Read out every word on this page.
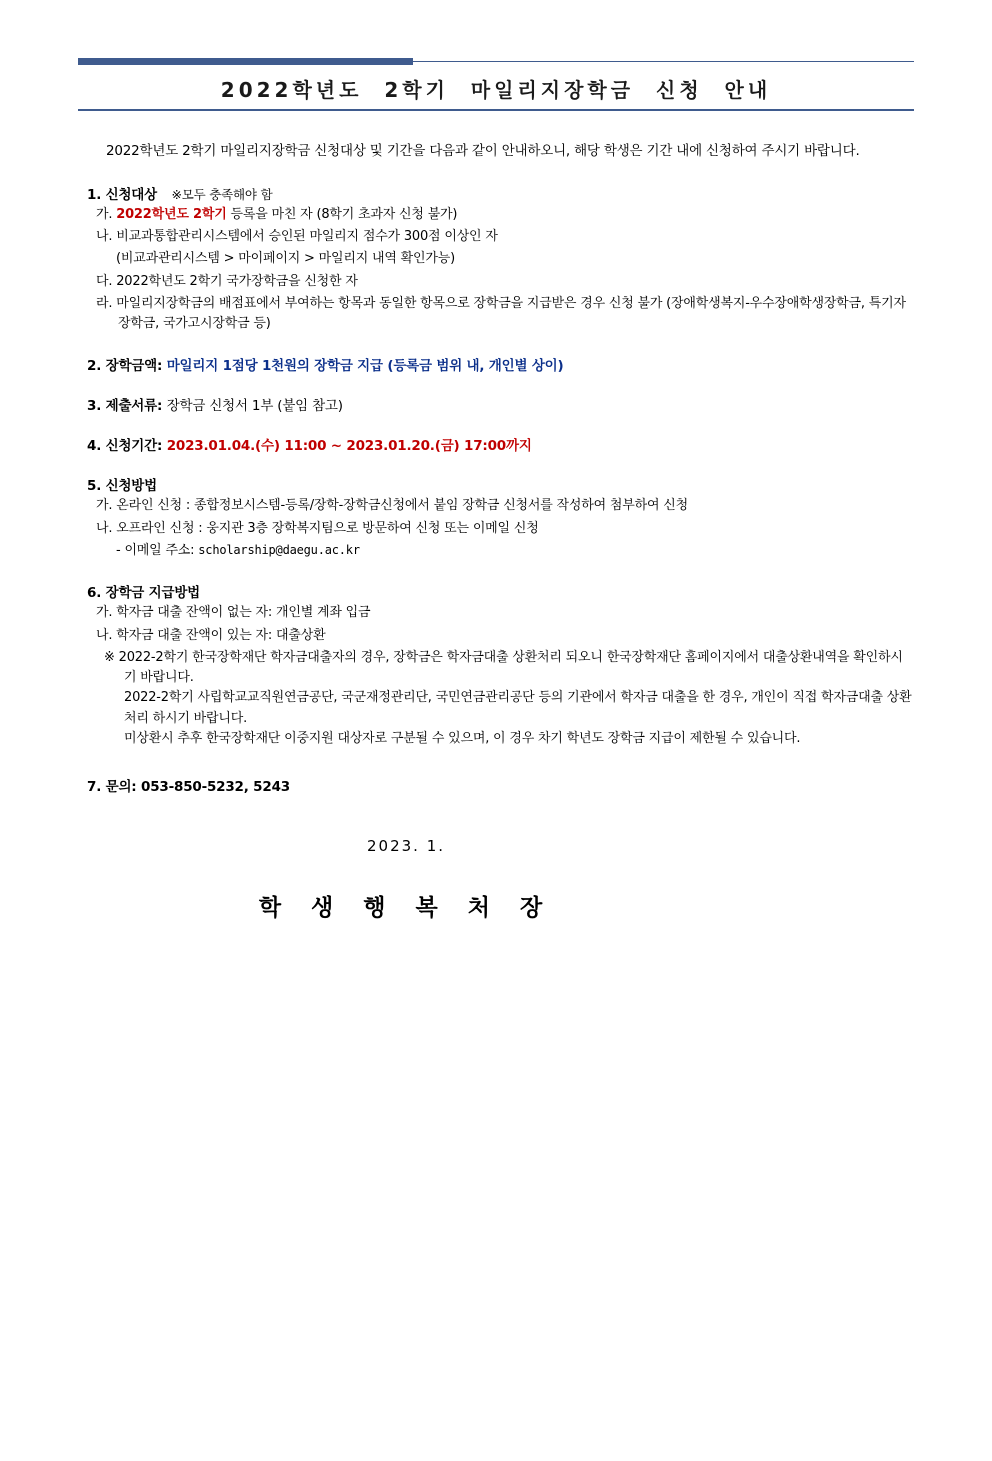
2022학년도  2학기  마일리지장학금  신청  안내

2022학년도 2학기 마일리지장학금 신청대상 및 기간을 다음과 같이 안내하오니, 해당 학생은 기간 내에 신청하여 주시기 바랍니다.

1. 신청대상 ※모두 충족해야 함
가. 2022학년도 2학기 등록을 마친 자 (8학기 초과자 신청 불가)
나. 비교과통합관리시스템에서 승인된 마일리지 점수가 300점 이상인 자
(비교과관리시스템 > 마이페이지 > 마일리지 내역 확인가능)
다. 2022학년도 2학기 국가장학금을 신청한 자
라. 마일리지장학금의 배점표에서 부여하는 항목과 동일한 항목으로 장학금을 지급받은 경우 신청 불가 (장애학생복지-우수장애학생장학금, 특기자장학금, 국가고시장학금 등)
2. 장학금액: 마일리지 1점당 1천원의 장학금 지급 (등록금 범위 내, 개인별 상이)
3. 제출서류: 장학금 신청서 1부 (붙임 참고)
4. 신청기간: 2023.01.04.(수) 11:00 ~ 2023.01.20.(금) 17:00까지
5. 신청방법
가. 온라인 신청 : 종합정보시스템-등록/장학-장학금신청에서 붙임 장학금 신청서를 작성하여 첨부하여 신청
나. 오프라인 신청 : 웅지관 3층 장학복지팀으로 방문하여 신청 또는 이메일 신청
- 이메일 주소: scholarship@daegu.ac.kr
6. 장학금 지급방법
가. 학자금 대출 잔액이 없는 자: 개인별 계좌 입금
나. 학자금 대출 잔액이 있는 자: 대출상환
※ 2022-2학기 한국장학재단 학자금대출자의 경우, 장학금은 학자금대출 상환처리 되오니 한국장학재단 홈페이지에서 대출상환내역을 확인하시기 바랍니다.
2022-2학기 사립학교교직원연금공단, 국군재정관리단, 국민연금관리공단 등의 기관에서 학자금 대출을 한 경우, 개인이 직접 학자금대출 상환처리 하시기 바랍니다.
미상환시 추후 한국장학재단 이중지원 대상자로 구분될 수 있으며, 이 경우 차기 학년도 장학금 지급이 제한될 수 있습니다.
7. 문의: 053-850-5232, 5243
2023. 1.
학 생 행 복 처 장
